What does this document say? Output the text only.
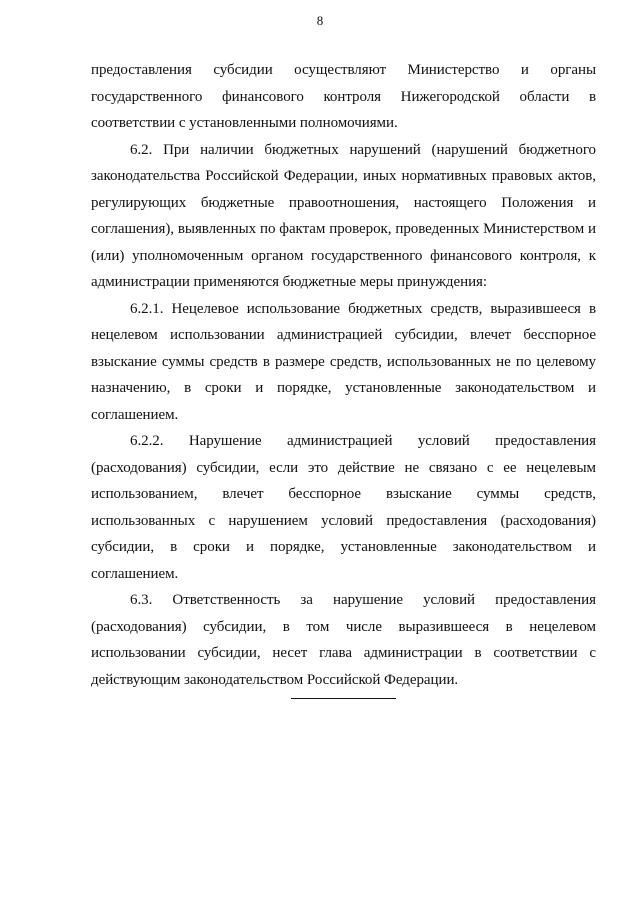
8

предоставления субсидии осуществляют Министерство и органы государственного финансового контроля Нижегородской области в соответствии с установленными полномочиями.

6.2. При наличии бюджетных нарушений (нарушений бюджетного законодательства Российской Федерации, иных нормативных правовых актов, регулирующих бюджетные правоотношения, настоящего Положения и соглашения), выявленных по фактам проверок, проведенных Министерством и (или) уполномоченным органом государственного финансового контроля, к администрации применяются бюджетные меры принуждения:

6.2.1. Нецелевое использование бюджетных средств, выразившееся в нецелевом использовании администрацией субсидии, влечет бесспорное взыскание суммы средств в размере средств, использованных не по целевому назначению, в сроки и порядке, установленные законодательством и соглашением.

6.2.2. Нарушение администрацией условий предоставления (расходования) субсидии, если это действие не связано с ее нецелевым использованием, влечет бесспорное взыскание суммы средств, использованных с нарушением условий предоставления (расходования) субсидии, в сроки и порядке, установленные законодательством и соглашением.

6.3. Ответственность за нарушение условий предоставления (расходования) субсидии, в том числе выразившееся в нецелевом использовании субсидии, несет глава администрации в соответствии с действующим законодательством Российской Федерации.
